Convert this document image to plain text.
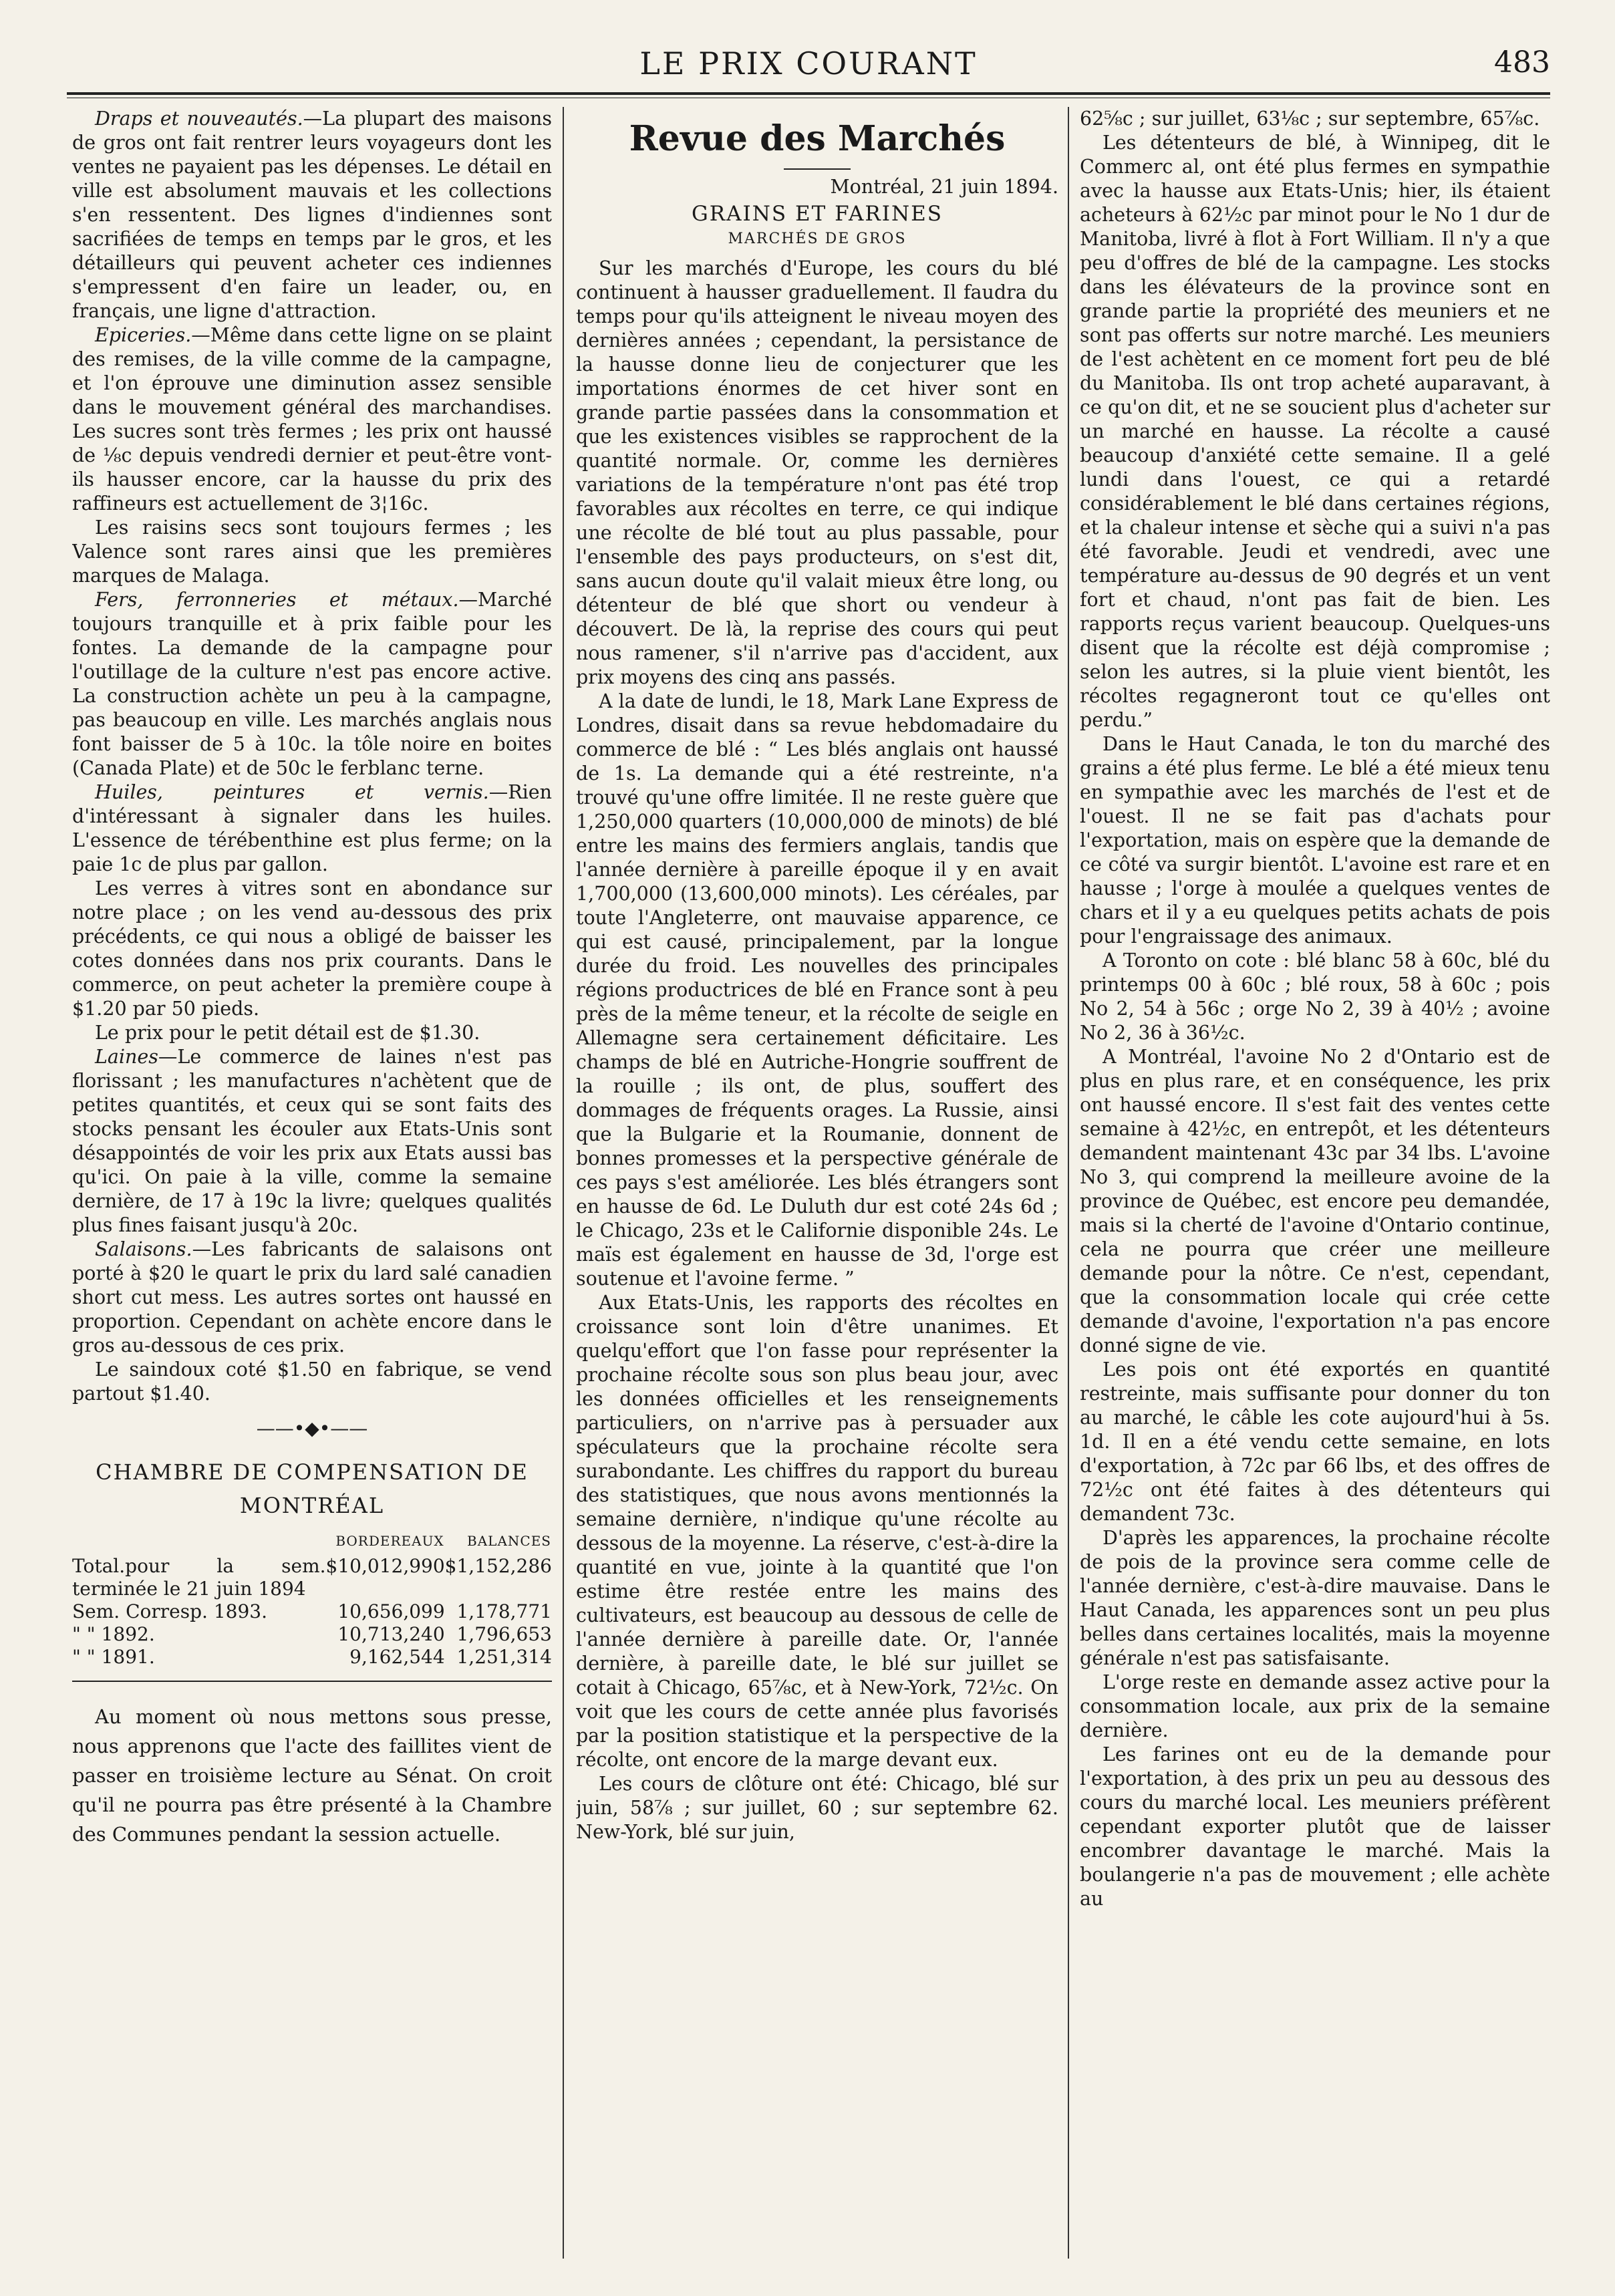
LE PRIX COURANT	483

Draps et nouveautés.—La plupart des maisons de gros ont fait rentrer leurs voyageurs dont les ventes ne payaient pas les dépenses. Le détail en ville est absolument mauvais et les collections s'en ressentent. Des lignes d'indiennes sont sacrifiées de temps en temps par le gros, et les détailleurs qui peuvent acheter ces indiennes s'empressent d'en faire un leader, ou, en français, une ligne d'attraction.

Epiceries.—Même dans cette ligne on se plaint des remises, de la ville comme de la campagne, et l'on éprouve une diminution assez sensible dans le mouvement général des marchandises. Les sucres sont très fermes ; les prix ont haussé de ⅛c depuis vendredi dernier et peut-être vont-ils hausser encore, car la hausse du prix des raffineurs est actuellement de 3¦16c.

Les raisins secs sont toujours fermes ; les Valence sont rares ainsi que les premières marques de Malaga.

Fers, ferronneries et métaux.—Marché toujours tranquille et à prix faible pour les fontes. La demande de la campagne pour l'outillage de la culture n'est pas encore active. La construction achète un peu à la campagne, pas beaucoup en ville. Les marchés anglais nous font baisser de 5 à 10c. la tôle noire en boites (Canada Plate) et de 50c le ferblanc terne.

Huiles, peintures et vernis.—Rien d'intéressant à signaler dans les huiles. L'essence de térébenthine est plus ferme; on la paie 1c de plus par gallon.

Les verres à vitres sont en abondance sur notre place ; on les vend au-dessous des prix précédents, ce qui nous a obligé de baisser les cotes données dans nos prix courants. Dans le commerce, on peut acheter la première coupe à $1.20 par 50 pieds.

Le prix pour le petit détail est de $1.30.

Laines—Le commerce de laines n'est pas florissant ; les manufactures n'achètent que de petites quantités, et ceux qui se sont faits des stocks pensant les écouler aux Etats-Unis sont désappointés de voir les prix aux Etats aussi bas qu'ici. On paie à la ville, comme la semaine dernière, de 17 à 19c la livre; quelques qualités plus fines faisant jusqu'à 20c.

Salaisons.—Les fabricants de salaisons ont porté à $20 le quart le prix du lard salé canadien short cut mess. Les autres sortes ont haussé en proportion. Cependant on achète encore dans le gros au-dessous de ces prix.

Le saindoux coté $1.50 en fabrique, se vend partout $1.40.

——•◆•——
CHAMBRE DE COMPENSATION DE MONTRÉAL
	BORDEREAUX	BALANCES
Total.pour la sem. terminée le 21 juin 1894	$10,012,990	$1,152,286
Sem. Corresp. 1893.	10,656,099	1,178,771
" " 1892.	10,713,240	1,796,653
" " 1891.	9,162,544	1,251,314

Au moment où nous mettons sous presse, nous apprenons que l'acte des faillites vient de passer en troisième lecture au Sénat. On croit qu'il ne pourra pas être présenté à la Chambre des Communes pendant la session actuelle.

Revue des Marchés

Montréal, 21 juin 1894.

GRAINS ET FARINES
MARCHÉS DE GROS

Sur les marchés d'Europe, les cours du blé continuent à hausser graduellement. Il faudra du temps pour qu'ils atteignent le niveau moyen des dernières années ; cependant, la persistance de la hausse donne lieu de conjecturer que les importations énormes de cet hiver sont en grande partie passées dans la consommation et que les existences visibles se rapprochent de la quantité normale. Or, comme les dernières variations de la température n'ont pas été trop favorables aux récoltes en terre, ce qui indique une récolte de blé tout au plus passable, pour l'ensemble des pays producteurs, on s'est dit, sans aucun doute qu'il valait mieux être long, ou détenteur de blé que short ou vendeur à découvert. De là, la reprise des cours qui peut nous ramener, s'il n'arrive pas d'accident, aux prix moyens des cinq ans passés.

A la date de lundi, le 18, Mark Lane Express de Londres, disait dans sa revue hebdomadaire du commerce de blé : “ Les blés anglais ont haussé de 1s. La demande qui a été restreinte, n'a trouvé qu'une offre limitée. Il ne reste guère que 1,250,000 quarters (10,000,000 de minots) de blé entre les mains des fermiers anglais, tandis que l'année dernière à pareille époque il y en avait 1,700,000 (13,600,000 minots). Les céréales, par toute l'Angleterre, ont mauvaise apparence, ce qui est causé, principalement, par la longue durée du froid. Les nouvelles des principales régions productrices de blé en France sont à peu près de la même teneur, et la récolte de seigle en Allemagne sera certainement déficitaire. Les champs de blé en Autriche-Hongrie souffrent de la rouille ; ils ont, de plus, souffert des dommages de fréquents orages. La Russie, ainsi que la Bulgarie et la Roumanie, donnent de bonnes promesses et la perspective générale de ces pays s'est améliorée. Les blés étrangers sont en hausse de 6d. Le Duluth dur est coté 24s 6d ; le Chicago, 23s et le Californie disponible 24s. Le maïs est également en hausse de 3d, l'orge est soutenue et l'avoine ferme. ”

Aux Etats-Unis, les rapports des récoltes en croissance sont loin d'être unanimes. Et quelqu'effort que l'on fasse pour représenter la prochaine récolte sous son plus beau jour, avec les données officielles et les renseignements particuliers, on n'arrive pas à persuader aux spéculateurs que la prochaine récolte sera surabondante. Les chiffres du rapport du bureau des statistiques, que nous avons mentionnés la semaine dernière, n'indique qu'une récolte au dessous de la moyenne. La réserve, c'est-à-dire la quantité en vue, jointe à la quantité que l'on estime être restée entre les mains des cultivateurs, est beaucoup au dessous de celle de l'année dernière à pareille date. Or, l'année dernière, à pareille date, le blé sur juillet se cotait à Chicago, 65⅞c, et à New-York, 72½c. On voit que les cours de cette année plus favorisés par la position statistique et la perspective de la récolte, ont encore de la marge devant eux.

Les cours de clôture ont été: Chicago, blé sur juin, 58⅞ ; sur juillet, 60 ; sur septembre 62. New-York, blé sur juin,

62⅝c ; sur juillet, 63⅛c ; sur septembre, 65⅞c.

Les détenteurs de blé, à Winnipeg, dit le Commerc al, ont été plus fermes en sympathie avec la hausse aux Etats-Unis; hier, ils étaient acheteurs à 62½c par minot pour le No 1 dur de Manitoba, livré à flot à Fort William. Il n'y a que peu d'offres de blé de la campagne. Les stocks dans les élévateurs de la province sont en grande partie la propriété des meuniers et ne sont pas offerts sur notre marché. Les meuniers de l'est achètent en ce moment fort peu de blé du Manitoba. Ils ont trop acheté auparavant, à ce qu'on dit, et ne se soucient plus d'acheter sur un marché en hausse. La récolte a causé beaucoup d'anxiété cette semaine. Il a gelé lundi dans l'ouest, ce qui a retardé considérablement le blé dans certaines régions, et la chaleur intense et sèche qui a suivi n'a pas été favorable. Jeudi et vendredi, avec une température au-dessus de 90 degrés et un vent fort et chaud, n'ont pas fait de bien. Les rapports reçus varient beaucoup. Quelques-uns disent que la récolte est déjà compromise ; selon les autres, si la pluie vient bientôt, les récoltes regagneront tout ce qu'elles ont perdu.”

Dans le Haut Canada, le ton du marché des grains a été plus ferme. Le blé a été mieux tenu en sympathie avec les marchés de l'est et de l'ouest. Il ne se fait pas d'achats pour l'exportation, mais on espère que la demande de ce côté va surgir bientôt. L'avoine est rare et en hausse ; l'orge à moulée a quelques ventes de chars et il y a eu quelques petits achats de pois pour l'engraissage des animaux.

A Toronto on cote : blé blanc 58 à 60c, blé du printemps 00 à 60c ; blé roux, 58 à 60c ; pois No 2, 54 à 56c ; orge No 2, 39 à 40½ ; avoine No 2, 36 à 36½c.

A Montréal, l'avoine No 2 d'Ontario est de plus en plus rare, et en conséquence, les prix ont haussé encore. Il s'est fait des ventes cette semaine à 42½c, en entrepôt, et les détenteurs demandent maintenant 43c par 34 lbs. L'avoine No 3, qui comprend la meilleure avoine de la province de Québec, est encore peu demandée, mais si la cherté de l'avoine d'Ontario continue, cela ne pourra que créer une meilleure demande pour la nôtre. Ce n'est, cependant, que la consommation locale qui crée cette demande d'avoine, l'exportation n'a pas encore donné signe de vie.

Les pois ont été exportés en quantité restreinte, mais suffisante pour donner du ton au marché, le câble les cote aujourd'hui à 5s. 1d. Il en a été vendu cette semaine, en lots d'exportation, à 72c par 66 lbs, et des offres de 72½c ont été faites à des détenteurs qui demandent 73c.

D'après les apparences, la prochaine récolte de pois de la province sera comme celle de l'année dernière, c'est-à-dire mauvaise. Dans le Haut Canada, les apparences sont un peu plus belles dans certaines localités, mais la moyenne générale n'est pas satisfaisante.

L'orge reste en demande assez active pour la consommation locale, aux prix de la semaine dernière.

Les farines ont eu de la demande pour l'exportation, à des prix un peu au dessous des cours du marché local. Les meuniers préfèrent cependant exporter plutôt que de laisser encombrer davantage le marché. Mais la boulangerie n'a pas de mouvement ; elle achète au
